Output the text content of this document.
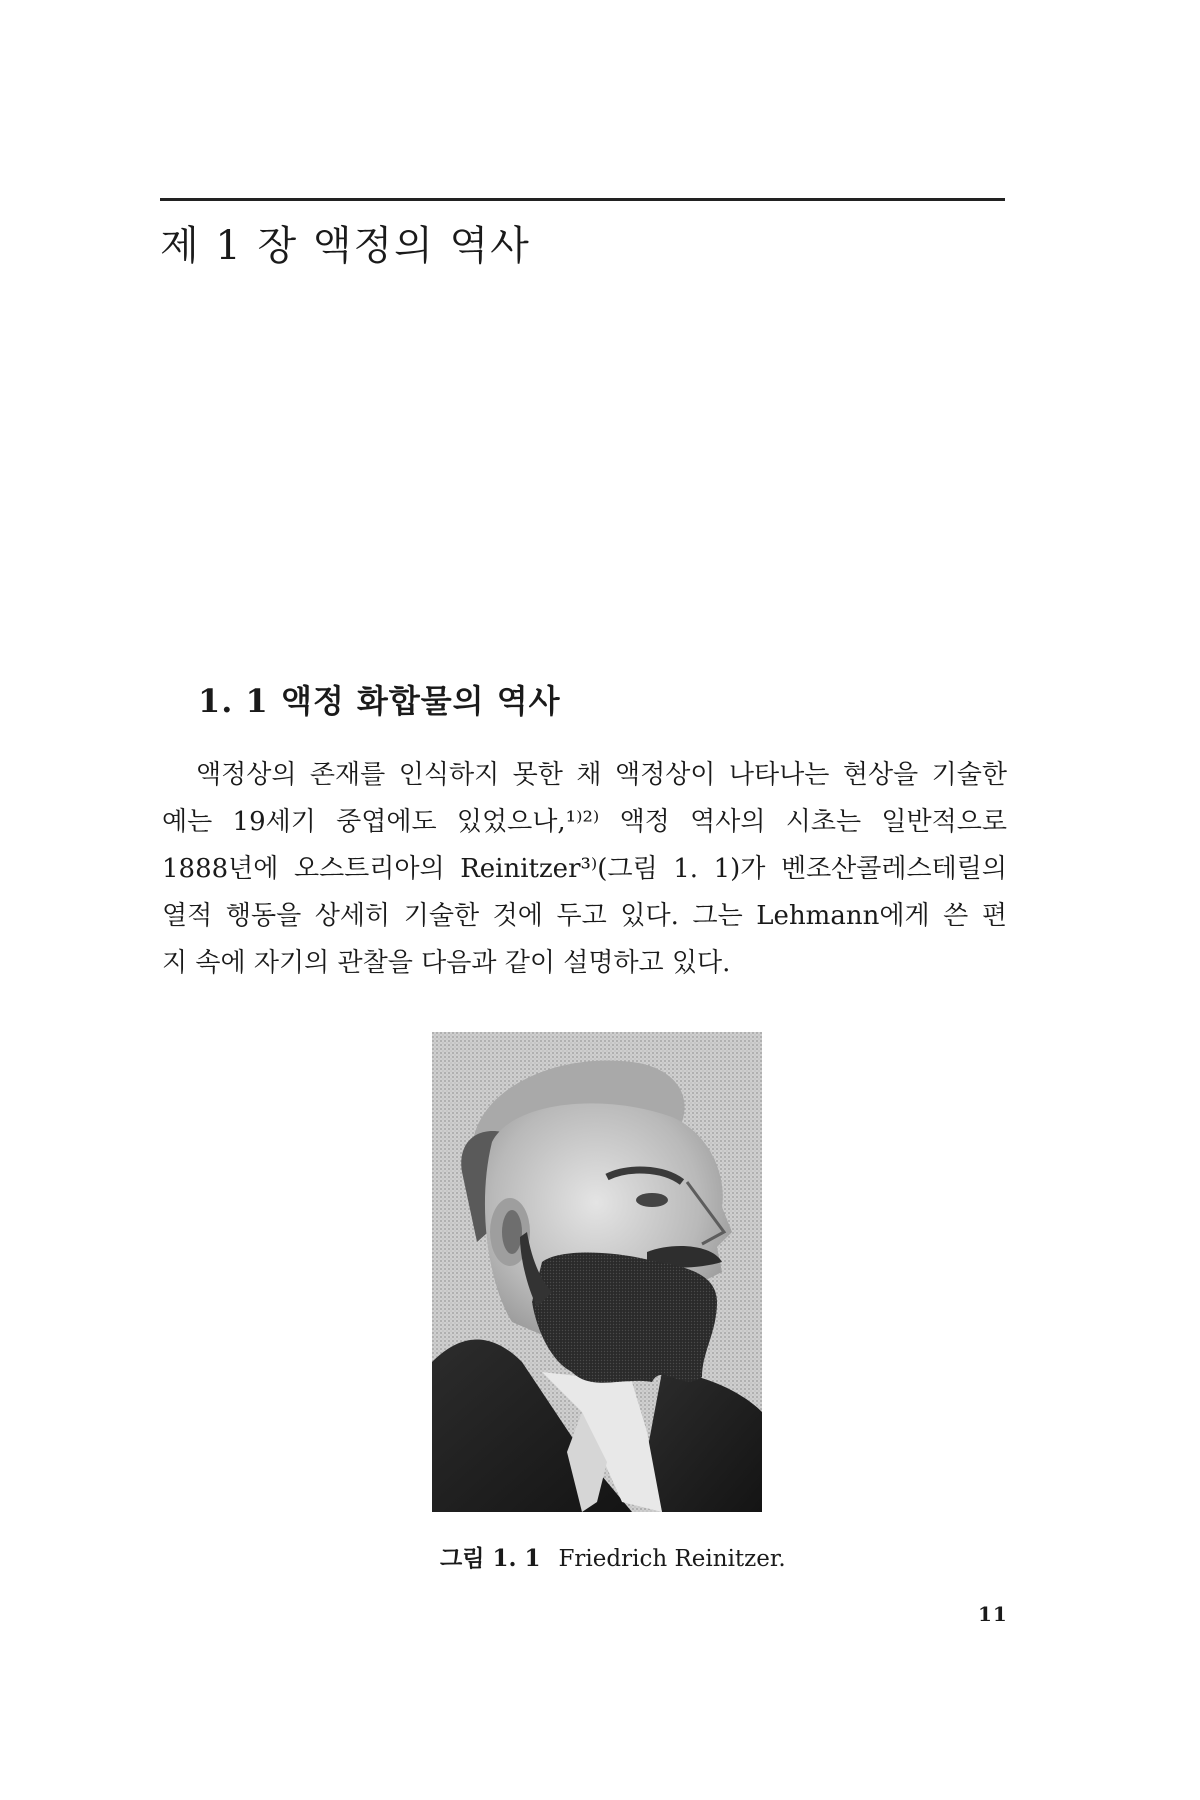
제 1 장 액정의 역사
1. 1 액정 화합물의 역사
액정상의 존재를 인식하지 못한 채 액정상이 나타나는 현상을 기술한
예는 19세기 중엽에도 있었으나,¹⁾²⁾ 액정 역사의 시초는 일반적으로
1888년에 오스트리아의 Reinitzer³⁾(그림 1. 1)가 벤조산콜레스테릴의
열적 행동을 상세히 기술한 것에 두고 있다. 그는 Lehmann에게 쓴 편
지 속에 자기의 관찰을 다음과 같이 설명하고 있다.

그림 1. 1 Friedrich Reinitzer.

11
